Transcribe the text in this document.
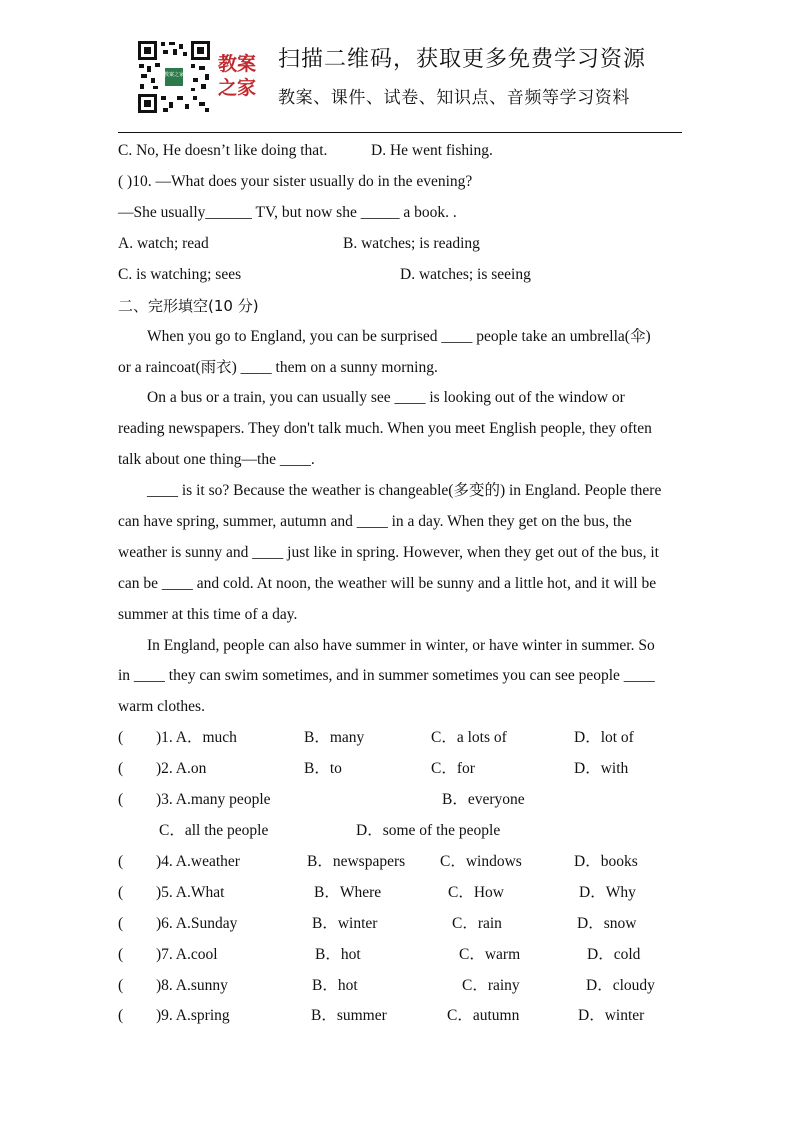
教案之家 教案
之家
扫描二维码，获取更多免费学习资源
教案、课件、试卷、知识点、音频等学习资料
C. No, He doesn’t like doing that.	D. He went fishing.
( )10. —What does your sister usually do in the evening?
—She usually______ TV, but now she _____ a book. .
A. watch; read	B. watches; is reading
C. is watching; sees	D. watches; is seeing
二、完形填空(10 分)
When you go to England, you can be surprised ____ people take an umbrella(伞)
or a raincoat(雨衣) ____ them on a sunny morning.
On a bus or a train, you can usually see ____ is looking out of the window or
reading newspapers. They don't talk much. When you meet English people, they often
talk about one thing—the ____.
____ is it so? Because the weather is changeable(多变的) in England. People there
can have spring, summer, autumn and ____ in a day. When they get on the bus, the
weather is sunny and ____ just like in spring. However, when they get out of the bus, it
can be ____ and cold. At noon, the weather will be sunny and a little hot, and it will be
summer at this time of a day.
In England, people can also have summer in winter, or have winter in summer. So
in ____ they can swim sometimes, and in summer sometimes you can see people ____
warm clothes.
( )1. A．much	B．many	C．a lots of	D．lot of
( )2. A.on	B．to	C．for	D．with
( )3. A.many people	B．everyone
C．all the people	D．some of the people
( )4. A.weather	B．newspapers C．windows	D．books
( )5. A.What	B．Where	C．How	D．Why
( )6. A.Sunday	B．winter	C．rain	D．snow
( )7. A.cool	B．hot	C．warm	D．cold
( )8. A.sunny	B．hot	C．rainy	D．cloudy
( )9. A.spring	B．summer	C．autumn	D．winter
